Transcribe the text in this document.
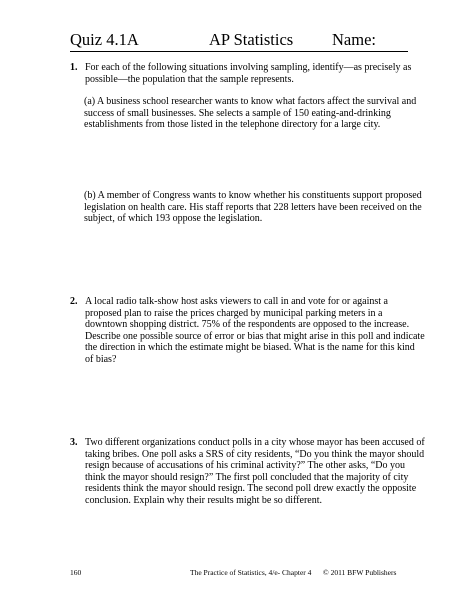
Quiz 4.1A	AP Statistics Name:
1. For each of the following situations involving sampling, identify—as precisely as possible—the population that the sample represents.
(a) A business school researcher wants to know what factors affect the survival and success of small businesses. She selects a sample of 150 eating-and-drinking establishments from those listed in the telephone directory for a large city.
(b) A member of Congress wants to know whether his constituents support proposed legislation on health care. His staff reports that 228 letters have been received on the subject, of which 193 oppose the legislation.
2. A local radio talk-show host asks viewers to call in and vote for or against a proposed plan to raise the prices charged by municipal parking meters in a downtown shopping district. 75% of the respondents are opposed to the increase. Describe one possible source of error or bias that might arise in this poll and indicate the direction in which the estimate might be biased. What is the name for this kind of bias?
3. Two different organizations conduct polls in a city whose mayor has been accused of taking bribes. One poll asks a SRS of city residents, “Do you think the mayor should resign because of accusations of his criminal activity?” The other asks, “Do you think the mayor should resign?” The first poll concluded that the majority of city residents think the mayor should resign. The second poll drew exactly the opposite conclusion. Explain why their results might be so different.
160	The Practice of Statistics, 4/e- Chapter 4 © 2011 BFW Publishers
